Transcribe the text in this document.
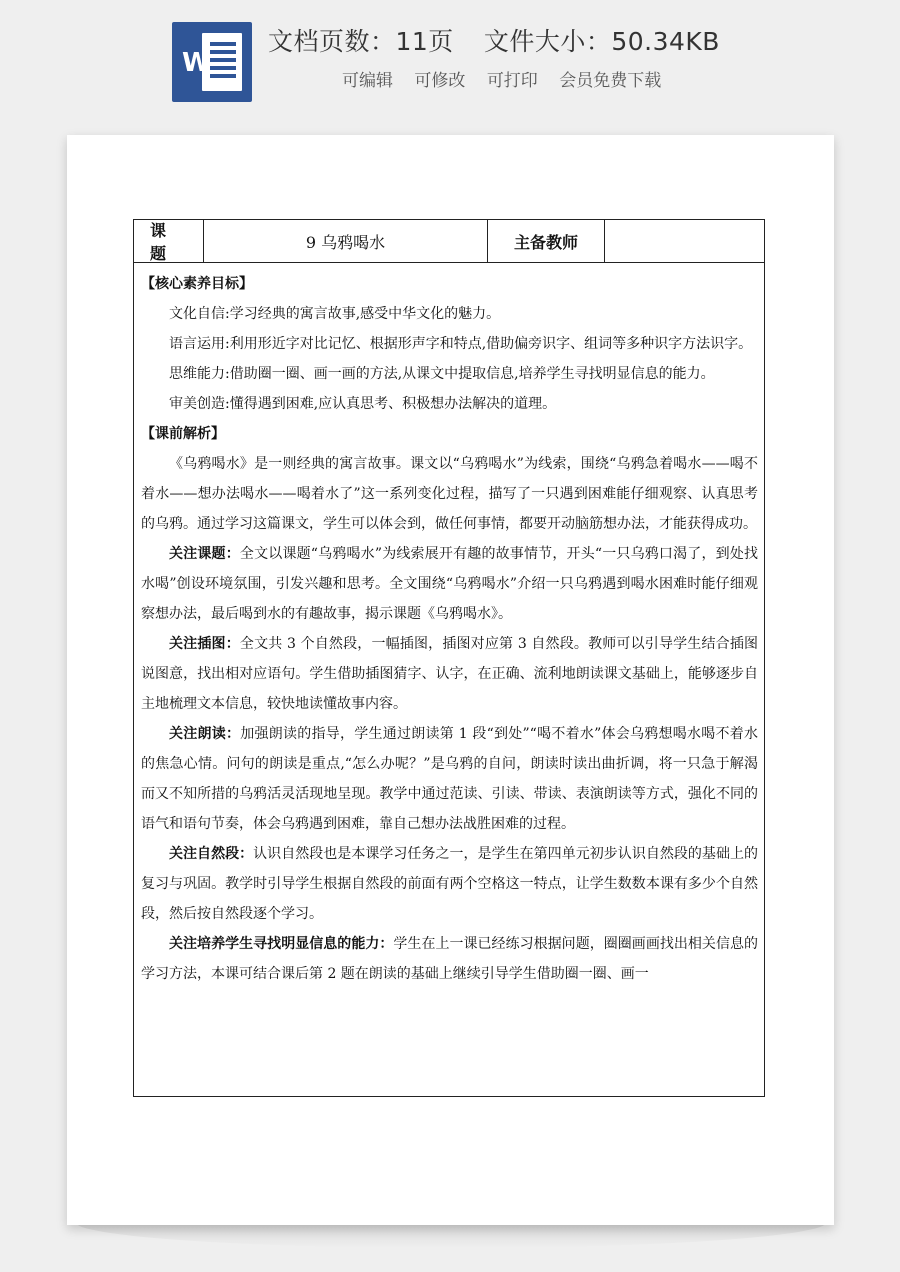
W
文档页数：11页 文件大小：50.34KB
可编辑 可修改 可打印 会员免费下载
课 题
9 乌鸦喝水	主备教师
【核心素养目标】
文化自信:学习经典的寓言故事,感受中华文化的魅力。
语言运用:利用形近字对比记忆、根据形声字和特点,借助偏旁识字、组词等多种识字方法识字。
思维能力:借助圈一圈、画一画的方法,从课文中提取信息,培养学生寻找明显信息的能力。
审美创造:懂得遇到困难,应认真思考、积极想办法解决的道理。
【课前解析】
《乌鸦喝水》是一则经典的寓言故事。课文以“乌鸦喝水”为线索，围绕“乌鸦急着喝水——喝不着水——想办法喝水——喝着水了”这一系列变化过程，描写了一只遇到困难能仔细观察、认真思考的乌鸦。通过学习这篇课文，学生可以体会到，做任何事情，都要开动脑筋想办法，才能获得成功。
关注课题：全文以课题“乌鸦喝水”为线索展开有趣的故事情节，开头“一只乌鸦口渴了，到处找水喝”创设环境氛围，引发兴趣和思考。全文围绕“乌鸦喝水”介绍一只乌鸦遇到喝水困难时能仔细观察想办法，最后喝到水的有趣故事，揭示课题《乌鸦喝水》。
关注插图：全文共 3 个自然段，一幅插图，插图对应第 3 自然段。教师可以引导学生结合插图说图意，找出相对应语句。学生借助插图猜字、认字，在正确、流利地朗读课文基础上，能够逐步自主地梳理文本信息，较快地读懂故事内容。
关注朗读：加强朗读的指导，学生通过朗读第 1 段“到处”“喝不着水”体会乌鸦想喝水喝不着水的焦急心情。问句的朗读是重点,“怎么办呢？”是乌鸦的自问，朗读时读出曲折调，将一只急于解渴而又不知所措的乌鸦活灵活现地呈现。教学中通过范读、引读、带读、表演朗读等方式，强化不同的语气和语句节奏，体会乌鸦遇到困难，靠自己想办法战胜困难的过程。
关注自然段：认识自然段也是本课学习任务之一，是学生在第四单元初步认识自然段的基础上的复习与巩固。教学时引导学生根据自然段的前面有两个空格这一特点，让学生数数本课有多少个自然段，然后按自然段逐个学习。
关注培养学生寻找明显信息的能力：学生在上一课已经练习根据问题，圈圈画画找出相关信息的学习方法，本课可结合课后第 2 题在朗读的基础上继续引导学生借助圈一圈、画一
